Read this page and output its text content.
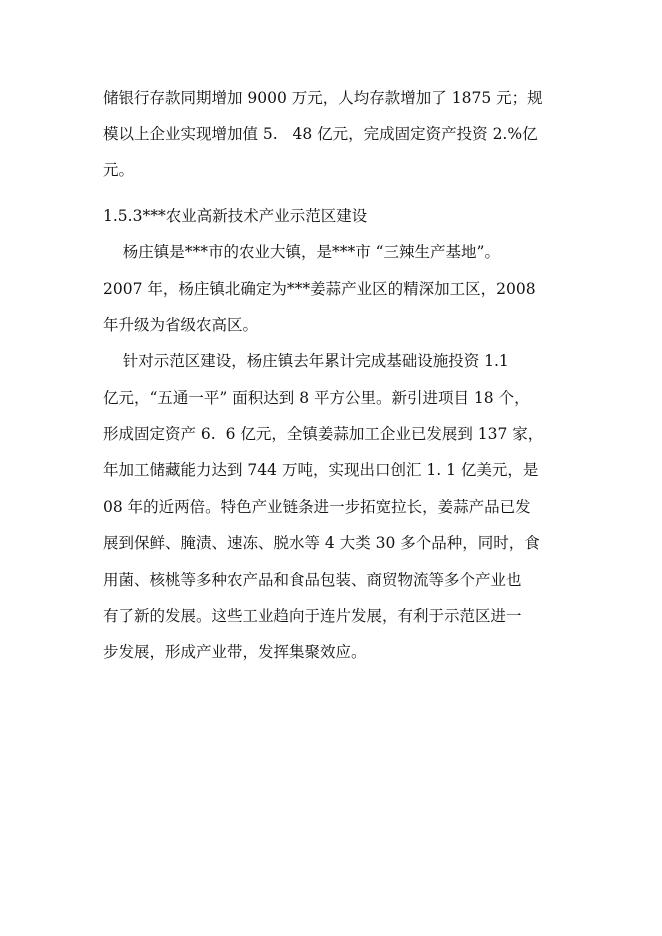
储银行存款同期增加 9000 万元，人均存款增加了 1875 元；规

模以上企业实现增加值 5.   48 亿元，完成固定资产投资 2.%亿

元。

1.5.3***农业高新技术产业示范区建设

杨庄镇是***市的农业大镇，是***市 “三辣生产基地”。

2007 年，杨庄镇北确定为***姜蒜产业区的精深加工区，2008

年升级为省级农高区。

针对示范区建设，杨庄镇去年累计完成基础设施投资 1.1

亿元，“五通一平” 面积达到 8 平方公里。新引进项目 18 个，

形成固定资产 6.  6 亿元，全镇姜蒜加工企业已发展到 137 家，

年加工储藏能力达到 744 万吨，实现出口创汇 1. 1 亿美元，是

08 年的近两倍。特色产业链条进一步拓宽拉长，姜蒜产品已发

展到保鲜、腌渍、速冻、脱水等 4 大类 30 多个品种，同时，食

用菌、核桃等多种农产品和食品包装、商贸物流等多个产业也

有了新的发展。这些工业趋向于连片发展，有利于示范区进一

步发展，形成产业带，发挥集聚效应。
